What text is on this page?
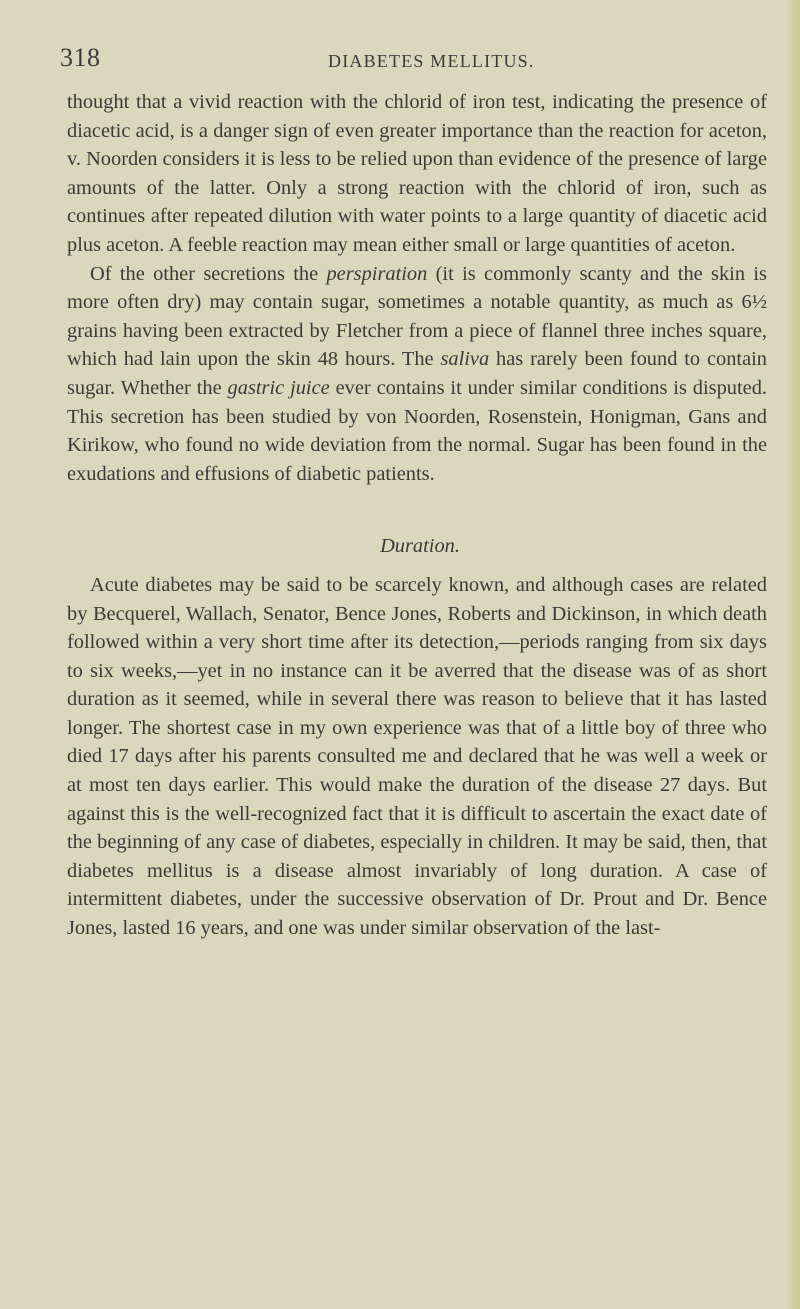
318	DIABETES MELLITUS.

thought that a vivid reaction with the chlorid of iron test, indicating the presence of diacetic acid, is a danger sign of even greater importance than the reaction for aceton, v. Noorden considers it is less to be relied upon than evidence of the presence of large amounts of the latter. Only a strong reaction with the chlorid of iron, such as continues after repeated dilution with water points to a large quantity of diacetic acid plus aceton. A feeble reaction may mean either small or large quantities of aceton.

Of the other secretions the perspiration (it is commonly scanty and the skin is more often dry) may contain sugar, sometimes a notable quantity, as much as 6½ grains having been extracted by Fletcher from a piece of flannel three inches square, which had lain upon the skin 48 hours. The saliva has rarely been found to contain sugar. Whether the gastric juice ever contains it under similar conditions is disputed. This secretion has been studied by von Noorden, Rosenstein, Honigman, Gans and Kirikow, who found no wide deviation from the normal. Sugar has been found in the exudations and effusions of diabetic patients.

Duration.

Acute diabetes may be said to be scarcely known, and although cases are related by Becquerel, Wallach, Senator, Bence Jones, Roberts and Dickinson, in which death followed within a very short time after its detection,—periods ranging from six days to six weeks,—yet in no instance can it be averred that the disease was of as short duration as it seemed, while in several there was reason to believe that it has lasted longer. The shortest case in my own experience was that of a little boy of three who died 17 days after his parents consulted me and declared that he was well a week or at most ten days earlier. This would make the duration of the disease 27 days. But against this is the well-recognized fact that it is difficult to ascertain the exact date of the beginning of any case of diabetes, especially in children. It may be said, then, that diabetes mellitus is a disease almost invariably of long duration. A case of intermittent diabetes, under the successive observation of Dr. Prout and Dr. Bence Jones, lasted 16 years, and one was under similar observation of the last-
